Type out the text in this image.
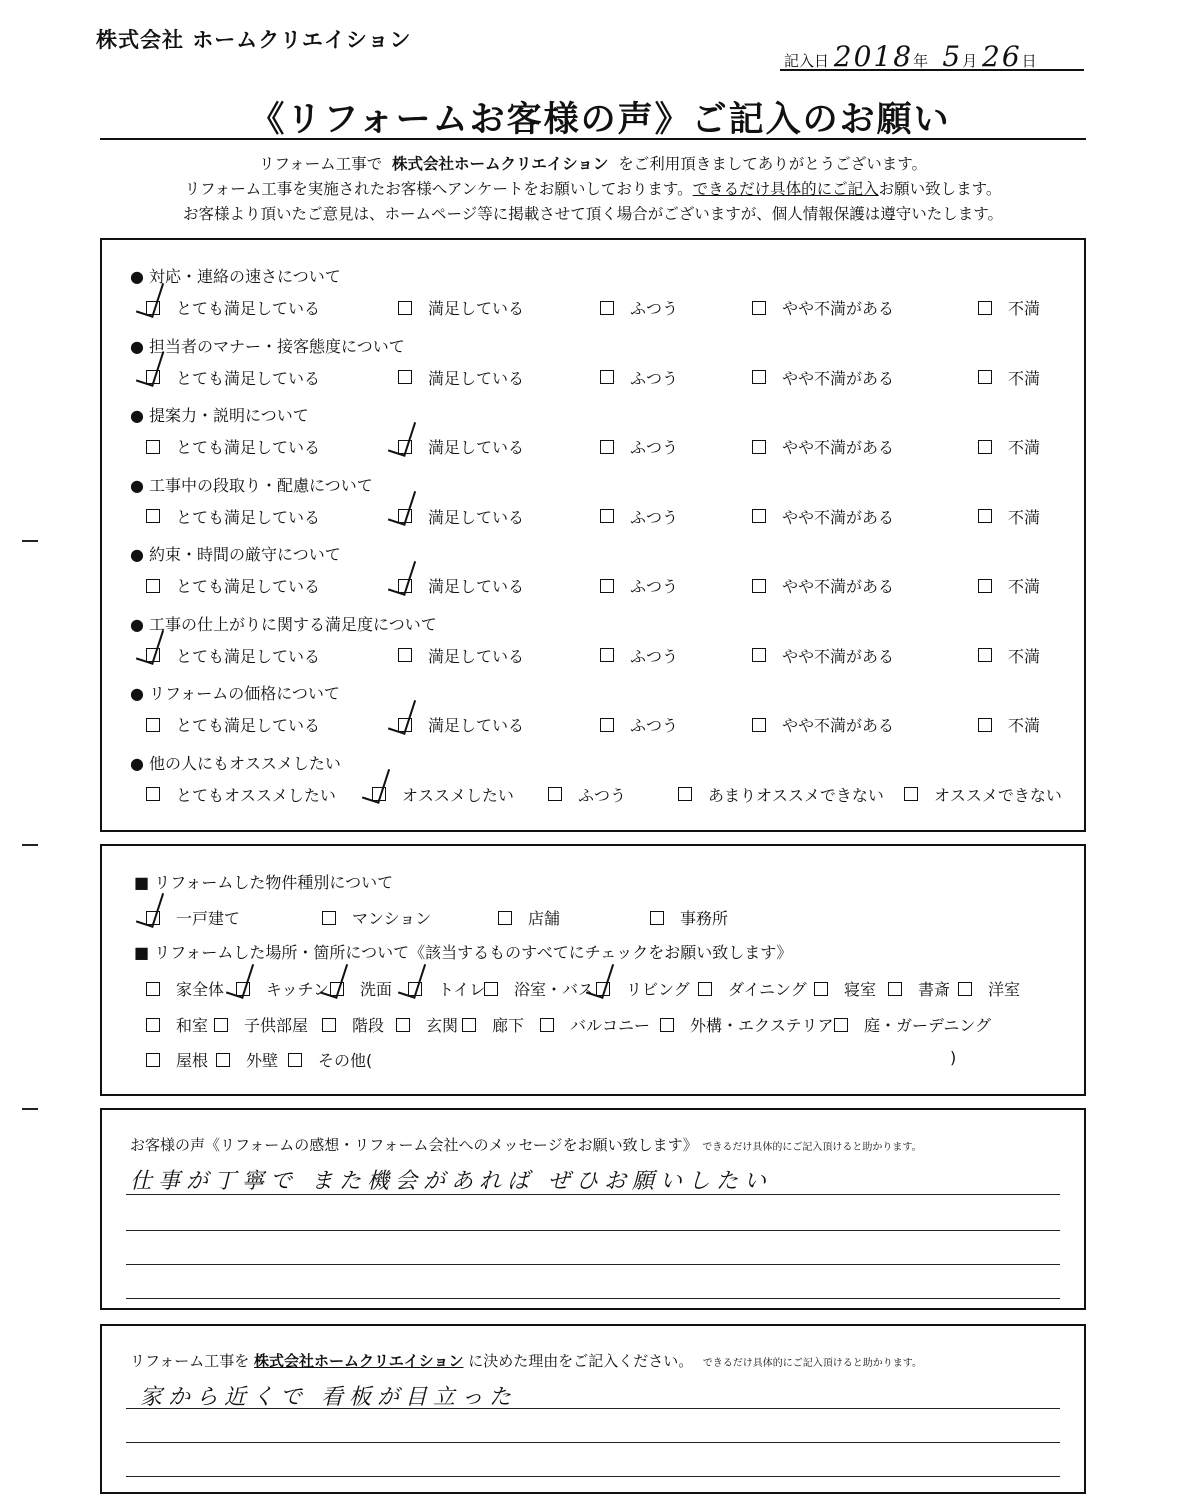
株式会社 ホームクリエイション
記入日 2018年 5月 26日
《リフォームお客様の声》ご記入のお願い
リフォーム工事で 株式会社ホームクリエイション をご利用頂きましてありがとうございます。
リフォーム工事を実施されたお客様へアンケートをお願いしております。できるだけ具体的にご記入お願い致します。
お客様より頂いたご意見は、ホームページ等に掲載させて頂く場合がございますが、個人情報保護は遵守いたします。
■ リフォームした物件種別について
■ リフォームした場所・箇所について《該当するものすべてにチェックをお願い致します》
)
お客様の声《リフォームの感想・リフォーム会社へのメッセージをお願い致します》 できるだけ具体的にご記入頂けると助かります。
仕事が丁寧で また機会があれば ぜひお願いしたい
リフォーム工事を 株式会社ホームクリエイション に決めた理由をご記入ください。 できるだけ具体的にご記入頂けると助かります。
家から近くで 看板が目立った
● 対応・連絡の速さについて
とても満足している	満足している	ふつう	やや不満がある	不満
● 担当者のマナー・接客態度について
とても満足している	満足している	ふつう	やや不満がある	不満
● 提案力・説明について
とても満足している	満足している	ふつう	やや不満がある	不満
● 工事中の段取り・配慮について
とても満足している	満足している	ふつう	やや不満がある	不満
● 約束・時間の厳守について
とても満足している	満足している	ふつう	やや不満がある	不満
● 工事の仕上がりに関する満足度について
とても満足している	満足している	ふつう	やや不満がある	不満
● リフォームの価格について
とても満足している	満足している	ふつう	やや不満がある	不満
● 他の人にもオススメしたい
とてもオススメしたい	オススメしたい	ふつう	あまりオススメできない	オススメできない
一戸建て	マンション	店舗	事務所
家全体	キッチン 洗面	トイレ 浴室・バス リビング ダイニング 寝室	書斎 洋室
和室 子供部屋	階段	玄関 廊下	バルコニー 外構・エクステリア 庭・ガーデニング
屋根 外壁 その他(
